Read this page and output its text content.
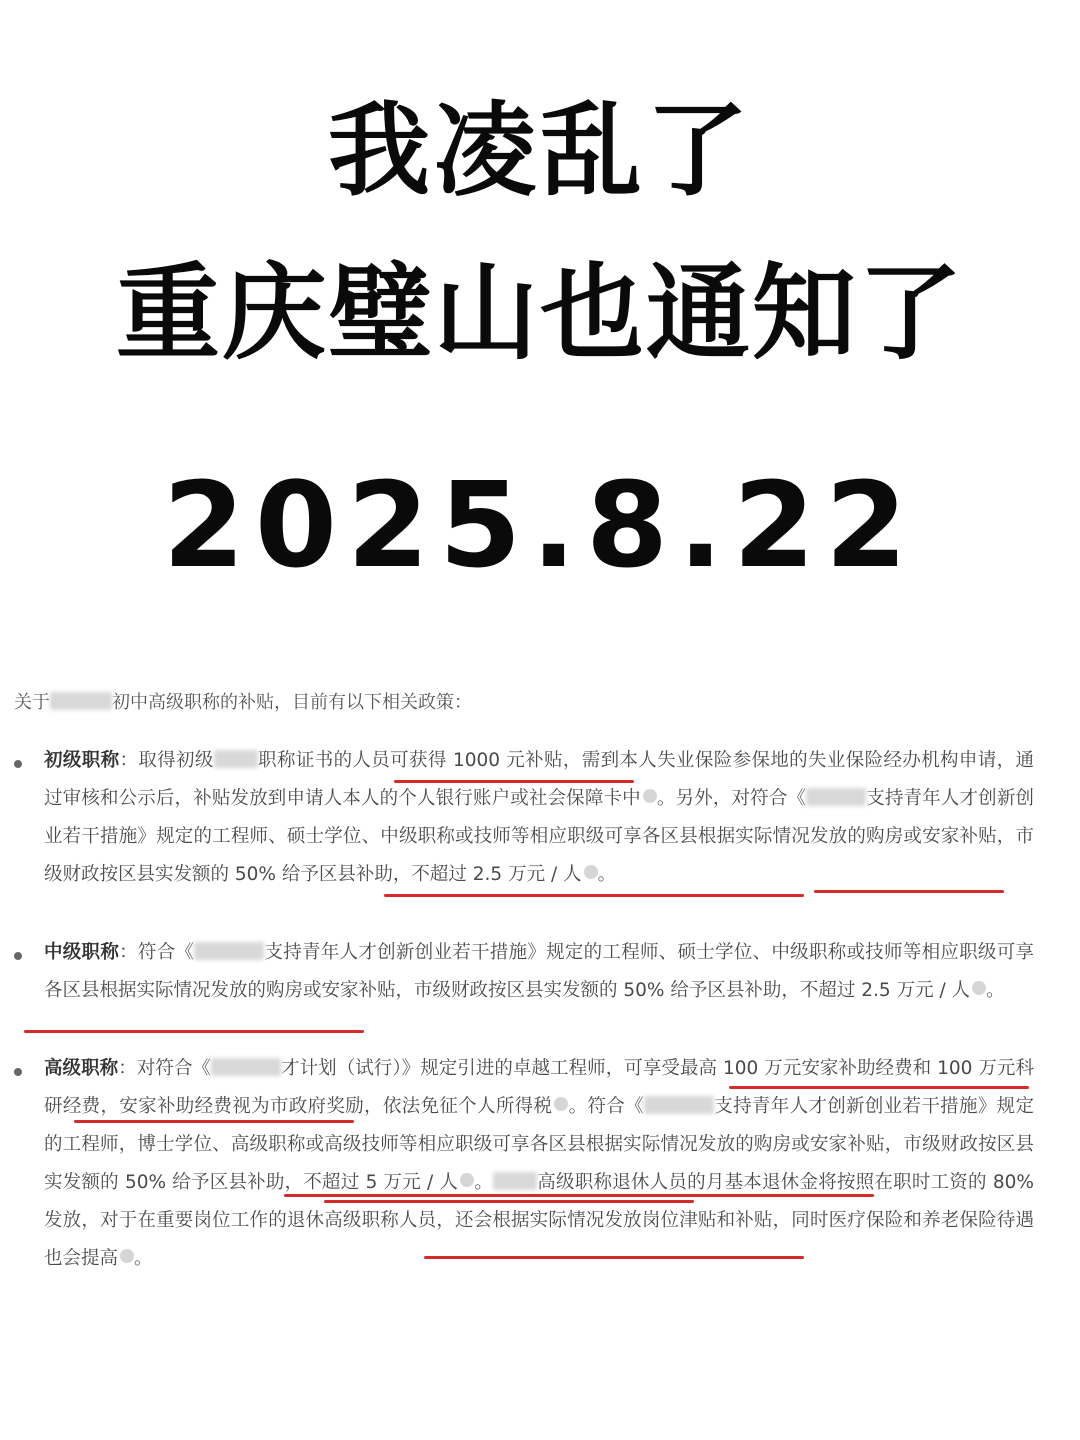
我凌乱了
重庆璧山也通知了
2025.8.22
关于	初中高级职称的补贴，目前有以下相关政策：
初级职称：取得初级 职称证书的人员可获得 1000 元补贴，需到本人失业保险参保地的失业保险经办机构申请，通过审核和公示后，补贴发放到申请人本人的个人银行账户或社会保障卡中 。另外，对符合《	支持青年人才创新创业若干措施》规定的工程师、硕士学位、中级职称或技师等相应职级可享各区县根据实际情况发放的购房或安家补贴，市级财政按区县实发额的 50% 给予区县补助，不超过 2.5 万元 / 人 。
中级职称：符合《	支持青年人才创新创业若干措施》规定的工程师、硕士学位、中级职称或技师等相应职级可享各区县根据实际情况发放的购房或安家补贴，市级财政按区县实发额的 50% 给予区县补助，不超过 2.5 万元 / 人 。
高级职称：对符合《	才计划（试行）》规定引进的卓越工程师，可享受最高 100 万元安家补助经费和 100 万元科研经费，安家补助经费视为市政府奖励，依法免征个人所得税 。符合《	支持青年人才创新创业若干措施》规定的工程师，博士学位、高级职称或高级技师等相应职级可享各区县根据实际情况发放的购房或安家补贴，市级财政按区县实发额的 50% 给予区县补助，不超过 5 万元 / 人 。 高级职称退休人员的月基本退休金将按照在职时工资的 80% 发放，对于在重要岗位工作的退休高级职称人员，还会根据实际情况发放岗位津贴和补贴，同时医疗保险和养老保险待遇也会提高 。
